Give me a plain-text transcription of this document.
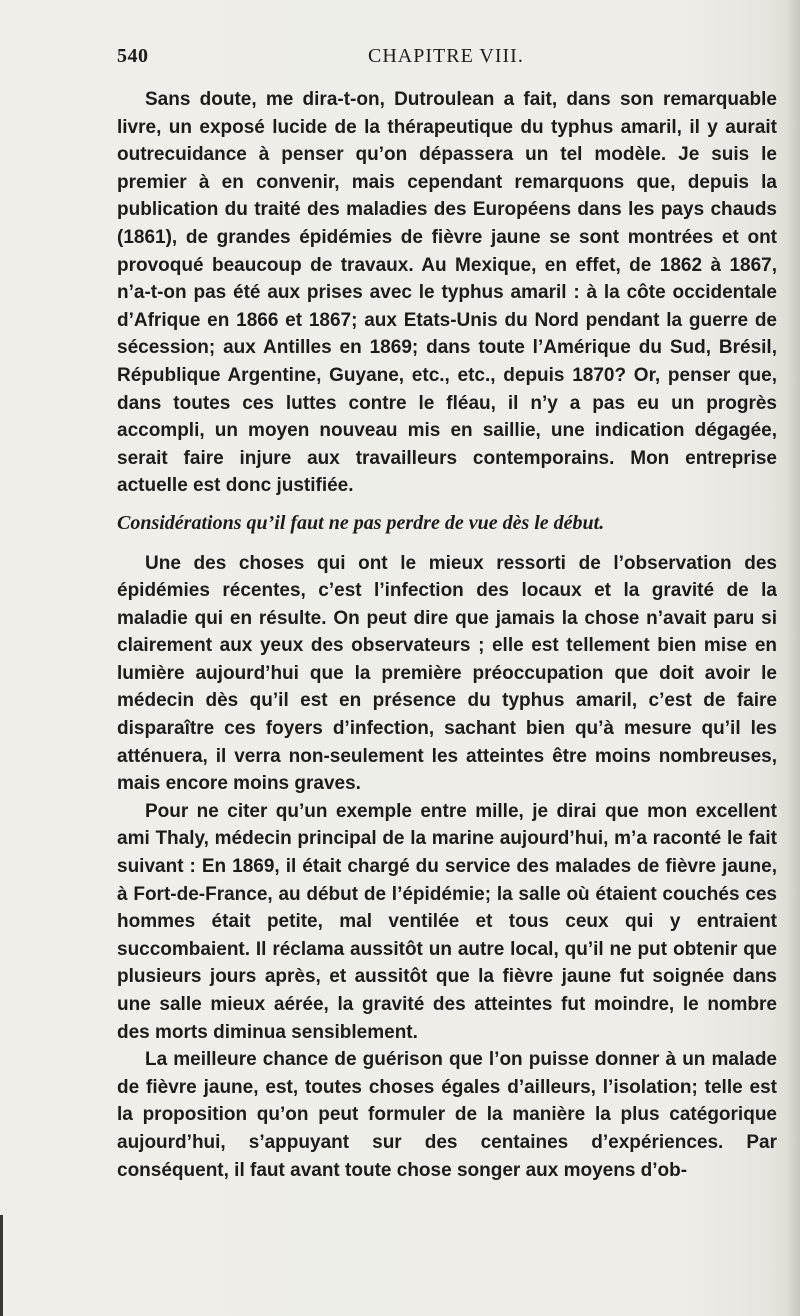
540	CHAPITRE VIII.

Sans doute, me dira-t-on, Dutroulean a fait, dans son remarquable livre, un exposé lucide de la thérapeutique du typhus amaril, il y aurait outrecuidance à penser qu’on dépassera un tel modèle. Je suis le premier à en convenir, mais cependant remarquons que, depuis la publication du traité des maladies des Européens dans les pays chauds (1861), de grandes épidémies de fièvre jaune se sont montrées et ont provoqué beaucoup de travaux. Au Mexique, en effet, de 1862 à 1867, n’a-t-on pas été aux prises avec le typhus amaril : à la côte occidentale d’Afrique en 1866 et 1867; aux Etats-Unis du Nord pendant la guerre de sécession; aux Antilles en 1869; dans toute l’Amérique du Sud, Brésil, République Argentine, Guyane, etc., etc., depuis 1870? Or, penser que, dans toutes ces luttes contre le fléau, il n’y a pas eu un progrès accompli, un moyen nouveau mis en saillie, une indication dégagée, serait faire injure aux travailleurs contemporains. Mon entreprise actuelle est donc justifiée.

Considérations qu’il faut ne pas perdre de vue dès le début.

Une des choses qui ont le mieux ressorti de l’observation des épidémies récentes, c’est l’infection des locaux et la gravité de la maladie qui en résulte. On peut dire que jamais la chose n’avait paru si clairement aux yeux des observateurs ; elle est tellement bien mise en lumière aujourd’hui que la première préoccupation que doit avoir le médecin dès qu’il est en présence du typhus amaril, c’est de faire disparaître ces foyers d’infection, sachant bien qu’à mesure qu’il les atténuera, il verra non-seulement les atteintes être moins nombreuses, mais encore moins graves.

Pour ne citer qu’un exemple entre mille, je dirai que mon excellent ami Thaly, médecin principal de la marine aujourd’hui, m’a raconté le fait suivant : En 1869, il était chargé du service des malades de fièvre jaune, à Fort-de-France, au début de l’épidémie; la salle où étaient couchés ces hommes était petite, mal ventilée et tous ceux qui y entraient succombaient. Il réclama aussitôt un autre local, qu’il ne put obtenir que plusieurs jours après, et aussitôt que la fièvre jaune fut soignée dans une salle mieux aérée, la gravité des atteintes fut moindre, le nombre des morts diminua sensiblement.

La meilleure chance de guérison que l’on puisse donner à un malade de fièvre jaune, est, toutes choses égales d’ailleurs, l’isolation; telle est la proposition qu’on peut formuler de la manière la plus catégorique aujourd’hui, s’appuyant sur des centaines d’expériences. Par conséquent, il faut avant toute chose songer aux moyens d’ob-
